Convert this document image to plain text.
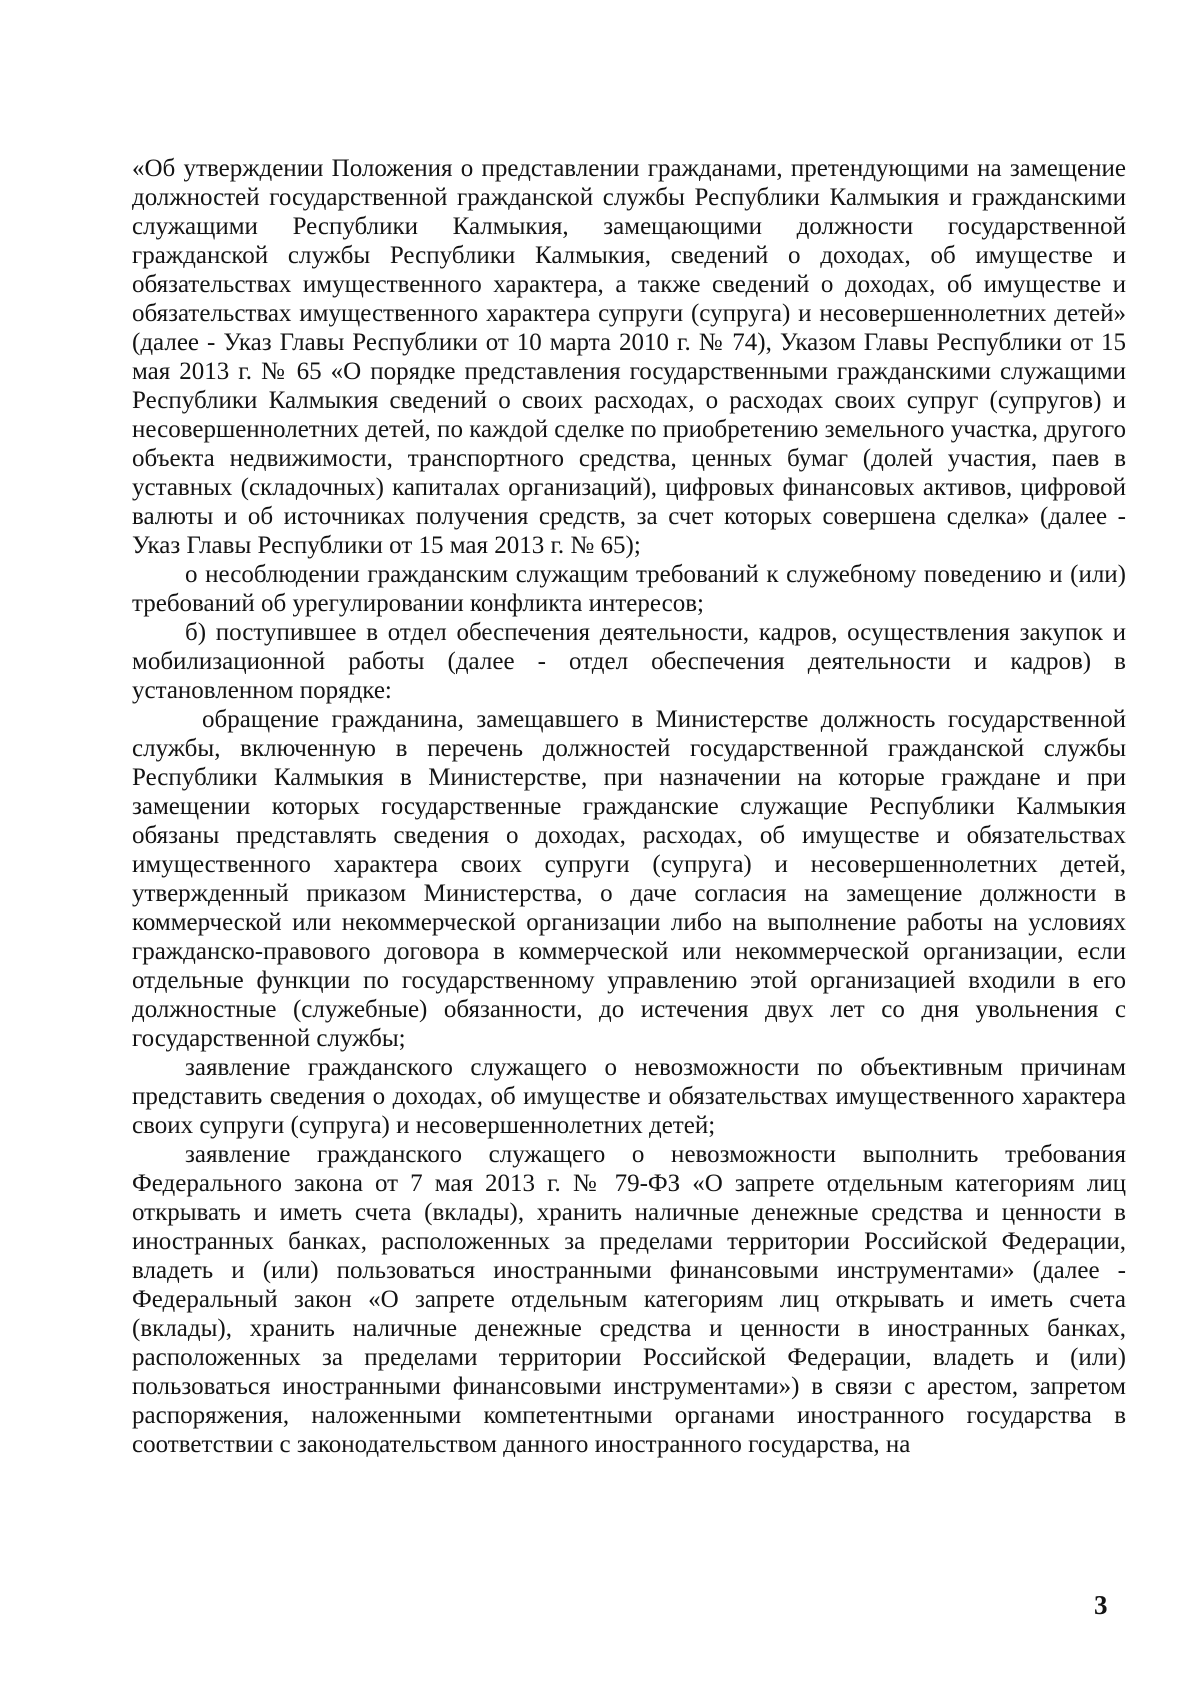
«Об утверждении Положения о представлении гражданами, претендующими на замещение должностей государственной гражданской службы Республики Калмыкия и гражданскими служащими Республики Калмыкия, замещающими должности государственной гражданской службы Республики Калмыкия, сведений о доходах, об имуществе и обязательствах имущественного характера, а также сведений о доходах, об имуществе и обязательствах имущественного характера супруги (супруга) и несовершеннолетних детей» (далее - Указ Главы Республики от 10 марта 2010 г. № 74), Указом Главы Республики от 15 мая 2013 г. № 65 «О порядке представления государственными гражданскими служащими Республики Калмыкия сведений о своих расходах, о расходах своих супруг (супругов) и несовершеннолетних детей, по каждой сделке по приобретению земельного участка, другого объекта недвижимости, транспортного средства, ценных бумаг (долей участия, паев в уставных (складочных) капиталах организаций), цифровых финансовых активов, цифровой валюты и об источниках получения средств, за счет которых совершена сделка» (далее - Указ Главы Республики от 15 мая 2013 г. № 65);

о несоблюдении гражданским служащим требований к служебному поведению и (или) требований об урегулировании конфликта интересов;

б) поступившее в отдел обеспечения деятельности, кадров, осуществления закупок и мобилизационной работы (далее - отдел обеспечения деятельности и кадров) в установленном порядке:

обращение гражданина, замещавшего в Министерстве должность государственной службы, включенную в перечень должностей государственной гражданской службы Республики Калмыкия в Министерстве, при назначении на которые граждане и при замещении которых государственные гражданские служащие Республики Калмыкия обязаны представлять сведения о доходах, расходах, об имуществе и обязательствах имущественного характера своих супруги (супруга) и несовершеннолетних детей, утвержденный приказом Министерства, о даче согласия на замещение должности в коммерческой или некоммерческой организации либо на выполнение работы на условиях гражданско-правового договора в коммерческой или некоммерческой организации, если отдельные функции по государственному управлению этой организацией входили в его должностные (служебные) обязанности, до истечения двух лет со дня увольнения с государственной службы;

заявление гражданского служащего о невозможности по объективным причинам представить сведения о доходах, об имуществе и обязательствах имущественного характера своих супруги (супруга) и несовершеннолетних детей;

заявление гражданского служащего о невозможности выполнить требования Федерального закона от 7 мая 2013 г. № 79-ФЗ «О запрете отдельным категориям лиц открывать и иметь счета (вклады), хранить наличные денежные средства и ценности в иностранных банках, расположенных за пределами территории Российской Федерации, владеть и (или) пользоваться иностранными финансовыми инструментами» (далее - Федеральный закон «О запрете отдельным категориям лиц открывать и иметь счета (вклады), хранить наличные денежные средства и ценности в иностранных банках, расположенных за пределами территории Российской Федерации, владеть и (или) пользоваться иностранными финансовыми инструментами») в связи с арестом, запретом распоряжения, наложенными компетентными органами иностранного государства в соответствии с законодательством данного иностранного государства, на

3
